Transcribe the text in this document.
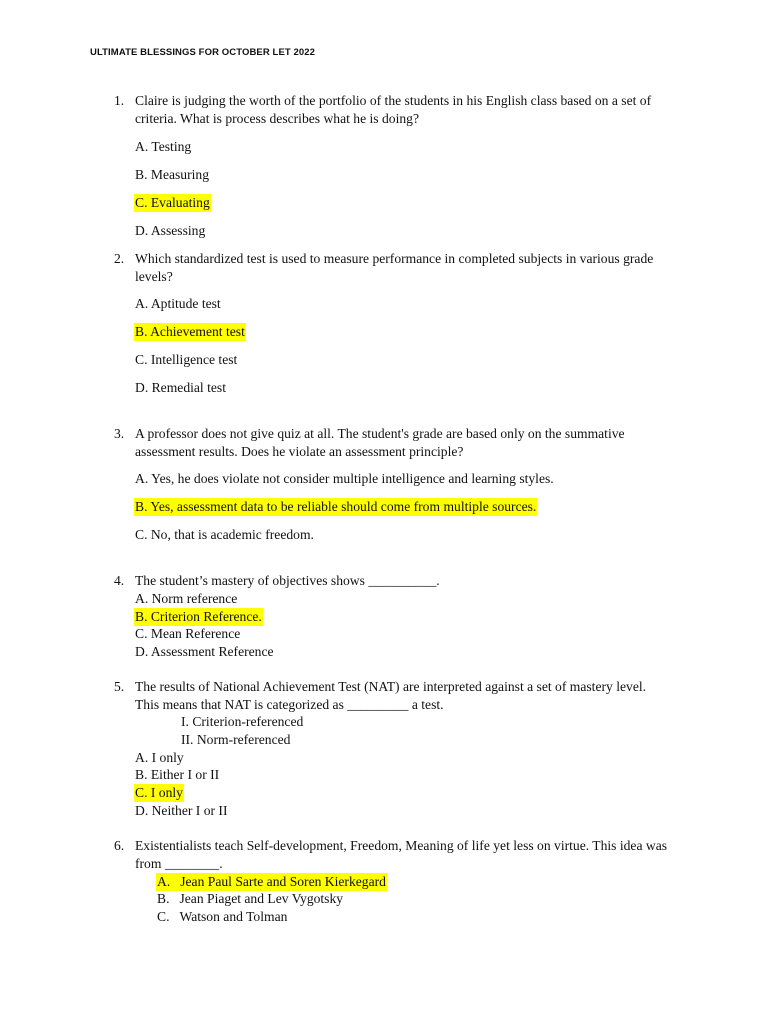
ULTIMATE BLESSINGS FOR OCTOBER LET 2022
1. Claire is judging the worth of the portfolio of the students in his English class based on a set of
criteria. What is process describes what he is doing?
A. Testing
B. Measuring
C. Evaluating
D. Assessing
2. Which standardized test is used to measure performance in completed subjects in various grade
levels?
A. Aptitude test
B. Achievement test
C. Intelligence test
D. Remedial test
3. A professor does not give quiz at all. The student's grade are based only on the summative
assessment results. Does he violate an assessment principle?
A. Yes, he does violate not consider multiple intelligence and learning styles.
B. Yes, assessment data to be reliable should come from multiple sources.
C. No, that is academic freedom.
4. The student’s mastery of objectives shows __________.
A. Norm reference
B. Criterion Reference.
C. Mean Reference
D. Assessment Reference
5. The results of National Achievement Test (NAT) are interpreted against a set of mastery level.
This means that NAT is categorized as _________ a test.
I. Criterion-referenced
II. Norm-referenced
A. I only
B. Either I or II
C. I only
D. Neither I or II
6. Existentialists teach Self-development, Freedom, Meaning of life yet less on virtue. This idea was
from ________.
A. Jean Paul Sarte and Soren Kierkegard
B. Jean Piaget and Lev Vygotsky
C. Watson and Tolman
